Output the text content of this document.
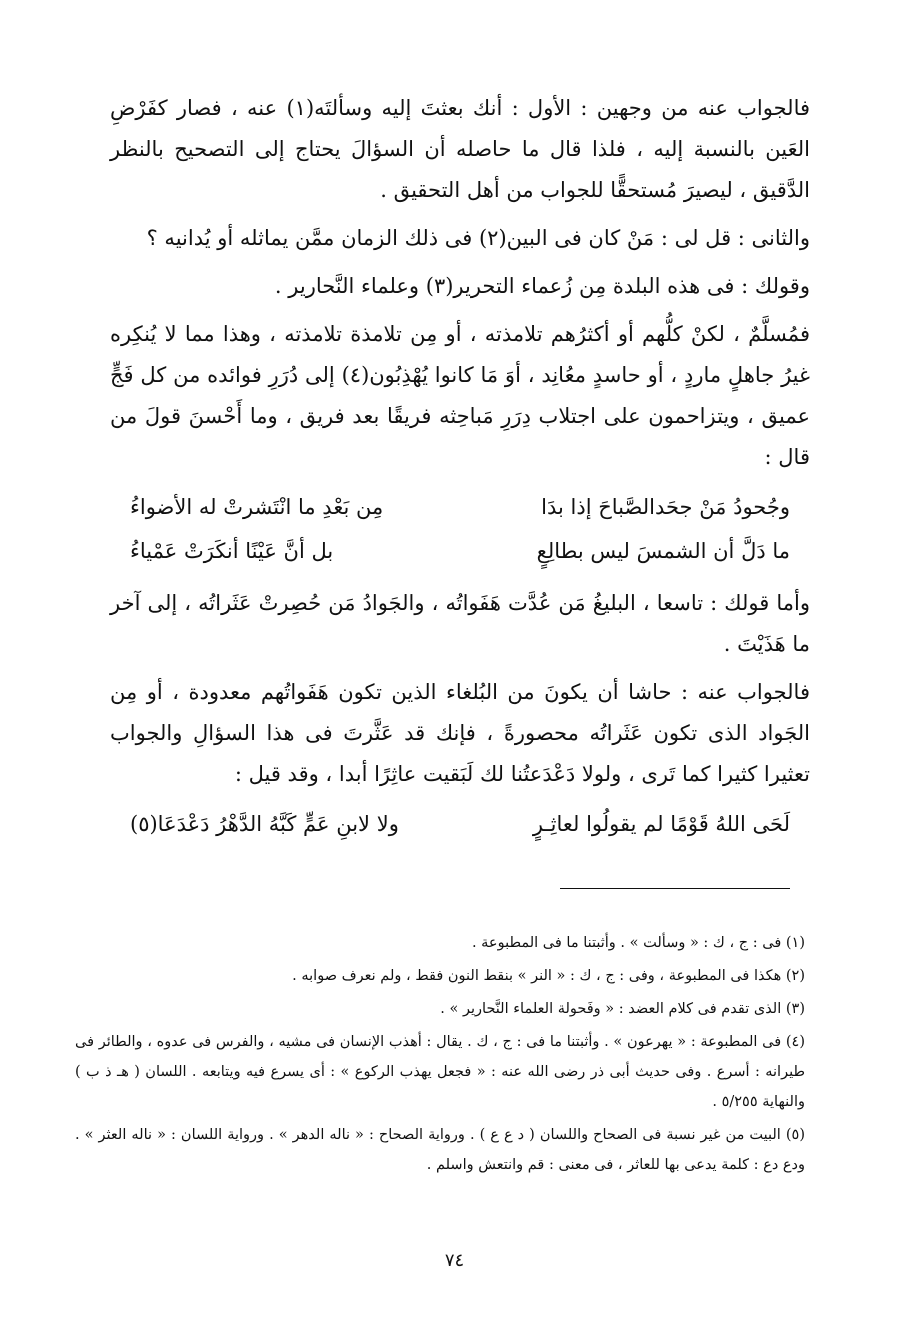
فالجواب عنه من وجهين : الأول : أنك بعثتَ إليه وسألتَه(١) عنه ، فصار كفَرْضِ العَين بالنسبة إليه ، فلذا قال ما حاصله أن السؤالَ يحتاج إلى التصحيح بالنظر الدَّقيق ، ليصيرَ مُستحقًّا للجواب من أهل التحقيق .

والثانى : قل لى : مَنْ كان فى البين(٢) فى ذلك الزمان ممَّن يماثله أو يُدانيه ؟

وقولك : فى هذه البلدة مِن زُعماء التحرير(٣) وعلماء النَّحارير .

فمُسلَّمٌ ، لكنْ كلُّهم أو أكثرُهم تلامذته ، أو مِن تلامذة تلامذته ، وهذا مما لا يُنكِره غيرُ جاهلٍ ماردٍ ، أو حاسدٍ معُانِد ، أوَ مَا كانوا يُهْذِبُون(٤) إلى دُرَرِ فوائده من كل فَجٍّ عميق ، ويتزاحمون على اجتلاب دِرَرِ مَباحِثه فريقًا بعد فريق ، وما أَحْسنَ قولَ من قال :

وجُحودُ مَنْ جحَدالصَّباحَ إذا بدَا
مِن بَعْدِ ما انْتَشرتْ له الأضواءُ
ما دَلَّ أن الشمسَ ليس بطالِعٍ
بل أنَّ عَيْنًا أنكَرَتْ عَمْياءُ

وأما قولك : تاسعا ، البليغُ مَن عُدَّت هَفَواتُه ، والجَوادُ مَن حُصِرتْ عَثَراتُه ، إلى آخر ما هَذَيْتَ .

فالجواب عنه : حاشا أن يكونَ من البُلغاء الذين تكون هَفَواتُهم معدودة ، أو مِن الجَواد الذى تكون عَثَراتُه محصورةً ، فإنك قد عَثَّرتَ فى هذا السؤالِ والجواب تعثيرا كثيرا كما تَرى ، ولولا دَعْدَعتُنا لك لَبَقيت عاثِرًا أبدا ، وقد قيل :

لَحَى اللهُ قَوْمًا لم يقولُوا لعاثِـرٍ
ولا لابنِ عَمٍّ كَبَّهُ الدَّهْرُ دَعْدَعَا(٥)

(١) فى : ج ، ك : « وسألت » . وأثبتنا ما فى المطبوعة .

(٢) هكذا فى المطبوعة ، وفى : ج ، ك : « النر » بنقط النون فقط ، ولم نعرف صوابه .

(٣) الذى تقدم فى كلام العضد : « وفَحولة العلماء النَّحارير » .

(٤) فى المطبوعة : « يهرعون » . وأثبتنا ما فى : ج ، ك . يقال : أهذب الإنسان فى مشيه ، والفرس فى عدوه ، والطائر فى طيرانه : أسرع . وفى حديث أبى ذر رضى الله عنه : « فجعل يهذب الركوع » : أى يسرع فيه ويتابعه . اللسان ( هـ ذ ب ) والنهاية ٥/٢٥٥ .

(٥) البيت من غير نسبة فى الصحاح واللسان ( د ع ع ) . ورواية الصحاح : « ناله الدهر » . ورواية اللسان : « ناله العثر » . ودع دع : كلمة يدعى بها للعاثر ، فى معنى : قم وانتعش واسلم .

٧٤
